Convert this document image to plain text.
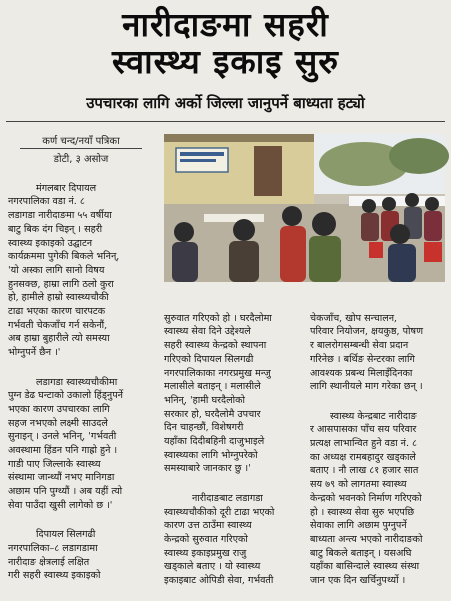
नारीदाङमा सहरी
स्वास्थ्य इकाइ सुरु
उपचारका लागि अर्को जिल्ला जानुपर्ने बाध्यता हट्यो
कर्ण चन्द/नयाँ पत्रिका
डोटी, ३ असोज

मंगलबार दिपायल
नगरपालिका वडा नं. ८
लडागडा नारीदाङमा ५५ वर्षीया
बाटु बिक दंग चिइन् । सहरी
स्वास्थ्य इकाइको उद्घाटन
कार्यक्रममा पुगेकी बिकले भनिन्,
'यो अस्का लागि सानो विषय
हुनसक्छ, हाम्रा लागि ठलो कुरा
हो, हामीले हाम्रो स्वास्थ्यचौकी
टाढा भएका कारण चारपटक
गर्भवती चेकजाँच गर्न सकेनौं,
अब हाम्रा बुहारीले त्यो समस्या
भोग्नुपर्ने छैन ।'

लडागडा स्वास्थ्यचौकीमा
पुग्न डेढ घन्टाको उकालो हिंड्नुपर्ने
भएका कारण उपचारका लागि
सहज नभएको लक्ष्मी साउदले
सुनाइन् । उनले भनिन्, 'गर्भवती
अवस्थामा हिंडन पनि गाह्रो हुने ।
गाडी पाए जिल्लाके स्वास्थ्य
संस्थामा जान्थ्यौं नभए मानिगडा
अछाम पनि पुग्थ्यौं । अब यहीं त्यो
सेवा पाउँदा खुसी लागेको छ ।'

दिपायल सिलगढी
नगरपालिका–८ लडागडामा
नारीदाङ क्षेत्रलाई लक्षित
गरी सहरी स्वास्थ्य इकाइको

सुरुवात गरिएको हो । घरदैलोमा
स्वास्थ्य सेवा दिने उद्देश्यले
सहरी स्वास्थ्य केन्द्रको स्थापना
गरिएको दिपायल सिलगढी
नगरपालिकाका नगरप्रमुख मन्जु
मलासीले बताइन् । मलासीले
भनिन्, 'हामी घरदैलोको
सरकार हो, घरदैलोमै उपचार
दिन चाहन्छौं, विशेषगरी
यहाँका दिदीबहिनी दाजुभाइले
स्वास्थ्यका लागि भोग्नुपरेको
समस्याबारे जानकार छु ।'

नारीदाङबाट लडागडा
स्वास्थ्यचौकीको दूरी टाढा भएको
कारण उत्त ठाउँमा स्वास्थ्य
केन्द्रको सुरुवात गरिएको
स्वास्थ्य इकाइप्रमुख राजु
खड्काले बताए । यो स्वास्थ्य
इकाइबाट ओपिडी सेवा, गर्भवती

चेकजाँच, खोप सन्चालन,
परिवार नियोजन, क्षयकुष्ठ, पोषण
र बालरोगसम्बन्धी सेवा प्रदान
गरिनेछ । बर्थिङ सेन्टरका लागि
आवश्यक प्रबन्ध मिलाइँदिनका
लागि स्थानीयले माग गरेका छन् ।

स्वास्थ्य केन्द्रबाट नारीदाङ
र आसपासका पाँच सय परिवार
प्रत्यक्ष लाभान्वित हुने वडा नं. ८
का अध्यक्ष रामबहादुर खड्काले
बताए । नौ लाख ८१ हजार सात
सय ७९ को लागतमा स्वास्थ्य
केन्द्रको भवनको निर्माण गरिएको
हो । स्वास्थ्य सेवा सुरु भएपछि
सेवाका लागि अछाम पुग्नुपर्ने
बाध्यता अन्त्य भएको नारीदाङको
बाटु बिकले बताइन् । यसअघि
यहाँका बासिन्दाले स्वास्थ्य संस्था
जान एक दिन खर्चिनुपर्थ्यो ।
